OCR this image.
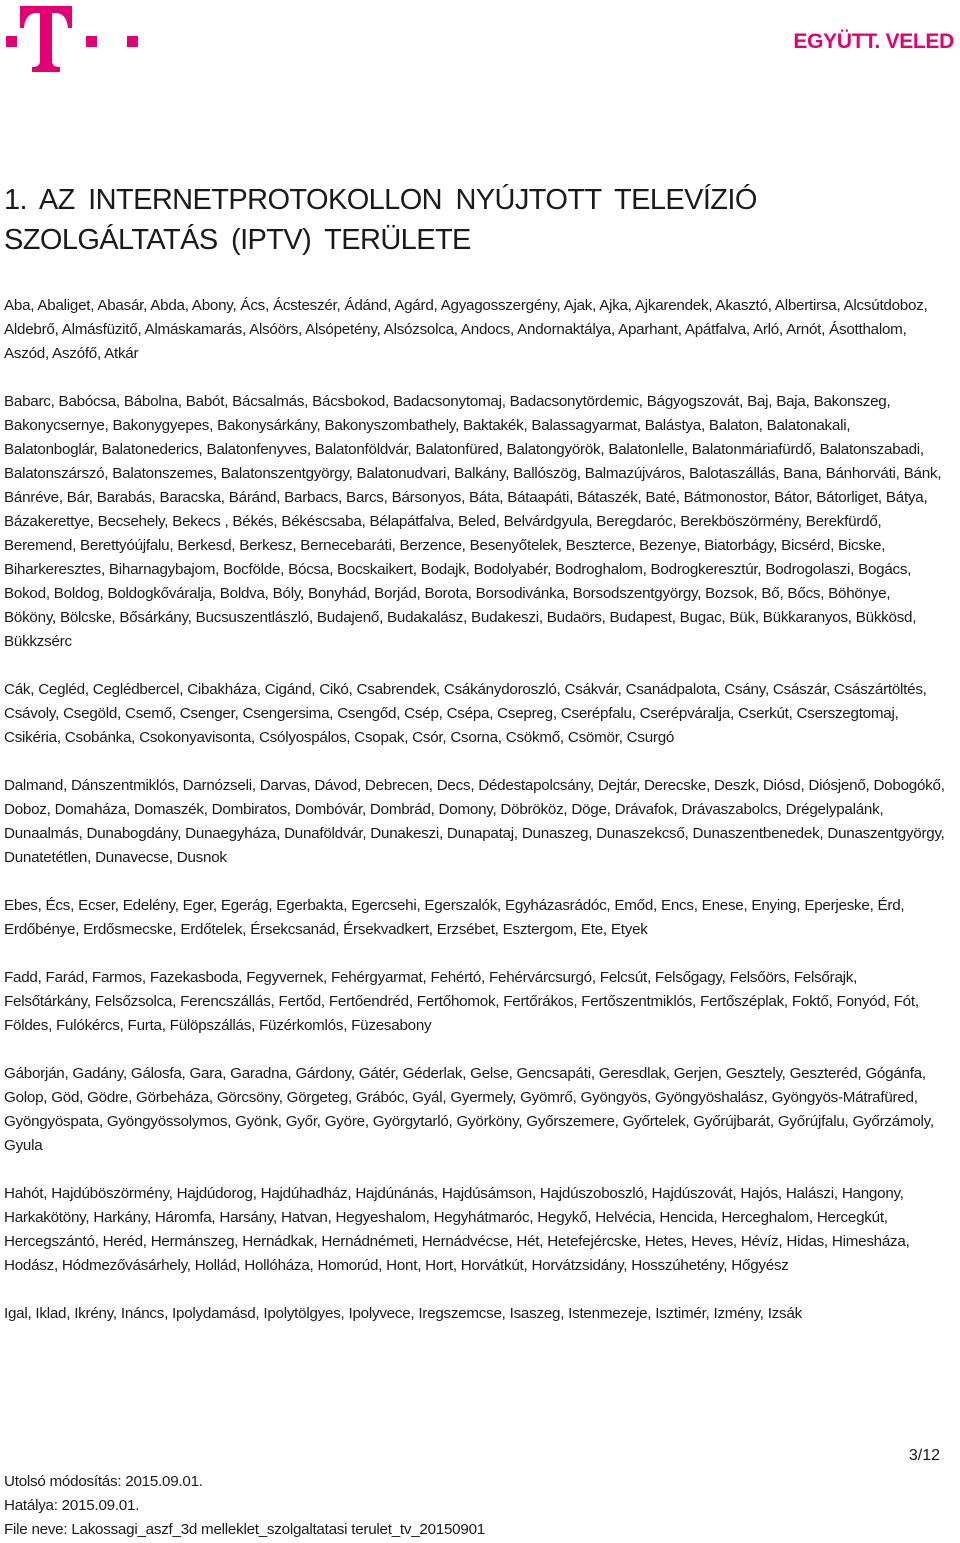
EGYÜTT. VELED
1. AZ INTERNETPROTOKOLLON NYÚJTOTT TELEVÍZIÓ SZOLGÁLTATÁS (IPTV) TERÜLETE

Aba, Abaliget, Abasár, Abda, Abony, Ács, Ácsteszér, Ádánd, Agárd, Agyagosszergény, Ajak, Ajka, Ajkarendek, Akasztó, Albertirsa, Alcsútdoboz, Aldebrő, Almásfüzitő, Almáskamarás, Alsóörs, Alsópetény, Alsózsolca, Andocs, Andornaktálya, Aparhant, Apátfalva, Arló, Arnót, Ásotthalom, Aszód, Aszófő, Atkár

Babarc, Babócsa, Bábolna, Babót, Bácsalmás, Bácsbokod, Badacsonytomaj, Badacsonytördemic, Bágyogszovát, Baj, Baja, Bakonszeg, Bakonycsernye, Bakonygyepes, Bakonysárkány, Bakonyszombathely, Baktakék, Balassagyarmat, Balástya, Balaton, Balatonakali, Balatonboglár, Balatonederics, Balatonfenyves, Balatonföldvár, Balatonfüred, Balatongyörök, Balatonlelle, Balatonmáriafürdő, Balatonszabadi, Balatonszárszó, Balatonszemes, Balatonszentgyörgy, Balatonudvari, Balkány, Ballószög, Balmazújváros, Balotaszállás, Bana, Bánhorváti, Bánk, Bánréve, Bár, Barabás, Baracska, Báránd, Barbacs, Barcs, Bársonyos, Báta, Bátaapáti, Bátaszék, Baté, Bátmonostor, Bátor, Bátorliget, Bátya, Bázakerettye, Becsehely, Bekecs , Békés, Békéscsaba, Bélapátfalva, Beled, Belvárdgyula, Beregdaróc, Berekböszörmény, Berekfürdő, Beremend, Berettyóújfalu, Berkesd, Berkesz, Bernecebaráti, Berzence, Besenyőtelek, Beszterce, Bezenye, Biatorbágy, Bicsérd, Bicske, Biharkeresztes, Biharnagybajom, Bocfölde, Bócsa, Bocskaikert, Bodajk, Bodolyabér, Bodroghalom, Bodrogkeresztúr, Bodrogolaszi, Bogács, Bokod, Boldog, Boldogkőváralja, Boldva, Bóly, Bonyhád, Borjád, Borota, Borsodivánka, Borsodszentgyörgy, Bozsok, Bő, Bőcs, Böhönye, Bököny, Bölcske, Bősárkány, Bucsuszentlászló, Budajenő, Budakalász, Budakeszi, Budaörs, Budapest, Bugac, Bük, Bükkaranyos, Bükkösd, Bükkzsérc

Cák, Cegléd, Ceglédbercel, Cibakháza, Cigánd, Cikó, Csabrendek, Csákánydoroszló, Csákvár, Csanádpalota, Csány, Császár, Császártöltés, Csávoly, Csegöld, Csemő, Csenger, Csengersima, Csengőd, Csép, Csépa, Csepreg, Cserépfalu, Cserépváralja, Cserkút, Cserszegtomaj, Csikéria, Csobánka, Csokonyavisonta, Csólyospálos, Csopak, Csór, Csorna, Csökmő, Csömör, Csurgó

Dalmand, Dánszentmiklós, Darnózseli, Darvas, Dávod, Debrecen, Decs, Dédestapolcsány, Dejtár, Derecske, Deszk, Diósd, Diósjenő, Dobogókő, Doboz, Domaháza, Domaszék, Dombiratos, Dombóvár, Dombrád, Domony, Döbrököz, Döge, Drávafok, Drávaszabolcs, Drégelypalánk, Dunaalmás, Dunabogdány, Dunaegyháza, Dunaföldvár, Dunakeszi, Dunapataj, Dunaszeg, Dunaszekcső, Dunaszentbenedek, Dunaszentgyörgy, Dunatetétlen, Dunavecse, Dusnok

Ebes, Écs, Ecser, Edelény, Eger, Egerág, Egerbakta, Egercsehi, Egerszalók, Egyházasrádóc, Emőd, Encs, Enese, Enying, Eperjeske, Érd, Erdőbénye, Erdősmecske, Erdőtelek, Érsekcsanád, Érsekvadkert, Erzsébet, Esztergom, Ete, Etyek

Fadd, Farád, Farmos, Fazekasboda, Fegyvernek, Fehérgyarmat, Fehértó, Fehérvárcsurgó, Felcsút, Felsőgagy, Felsőörs, Felsőrajk, Felsőtárkány, Felsőzsolca, Ferencszállás, Fertőd, Fertőendréd, Fertőhomok, Fertőrákos, Fertőszentmiklós, Fertőszéplak, Foktő, Fonyód, Fót, Földes, Fulókércs, Furta, Fülöpszállás, Füzérkomlós, Füzesabony

Gáborján, Gadány, Gálosfa, Gara, Garadna, Gárdony, Gátér, Géderlak, Gelse, Gencsapáti, Geresdlak, Gerjen, Gesztely, Geszteréd, Gógánfa, Golop, Göd, Gödre, Görbeháza, Görcsöny, Görgeteg, Grábóc, Gyál, Gyermely, Gyömrő, Gyöngyös, Gyöngyöshalász, Gyöngyös-Mátrafüred, Gyöngyöspata, Gyöngyössolymos, Gyönk, Győr, Györe, Györgytarló, Györköny, Győrszemere, Győrtelek, Győrújbarát, Győrújfalu, Győrzámoly, Gyula

Hahót, Hajdúböszörmény, Hajdúdorog, Hajdúhadház, Hajdúnánás, Hajdúsámson, Hajdúszoboszló, Hajdúszovát, Hajós, Halászi, Hangony, Harkakötöny, Harkány, Háromfa, Harsány, Hatvan, Hegyeshalom, Hegyhátmaróc, Hegykő, Helvécia, Hencida, Herceghalom, Hercegkút, Hercegszántó, Heréd, Hermánszeg, Hernádkak, Hernádnémeti, Hernádvécse, Hét, Hetefejércske, Hetes, Heves, Hévíz, Hidas, Himesháza, Hodász, Hódmezővásárhely, Hollád, Hollóháza, Homorúd, Hont, Hort, Horvátkút, Horvátzsidány, Hosszúhetény, Hőgyész

Igal, Iklad, Ikrény, Ináncs, Ipolydamásd, Ipolytölgyes, Ipolyvece, Iregszemcse, Isaszeg, Istenmezeje, Isztimér, Izmény, Izsák

3/12
Utolsó módosítás: 2015.09.01.
Hatálya: 2015.09.01.
File neve: Lakossagi_aszf_3d melleklet_szolgaltatasi terulet_tv_20150901
